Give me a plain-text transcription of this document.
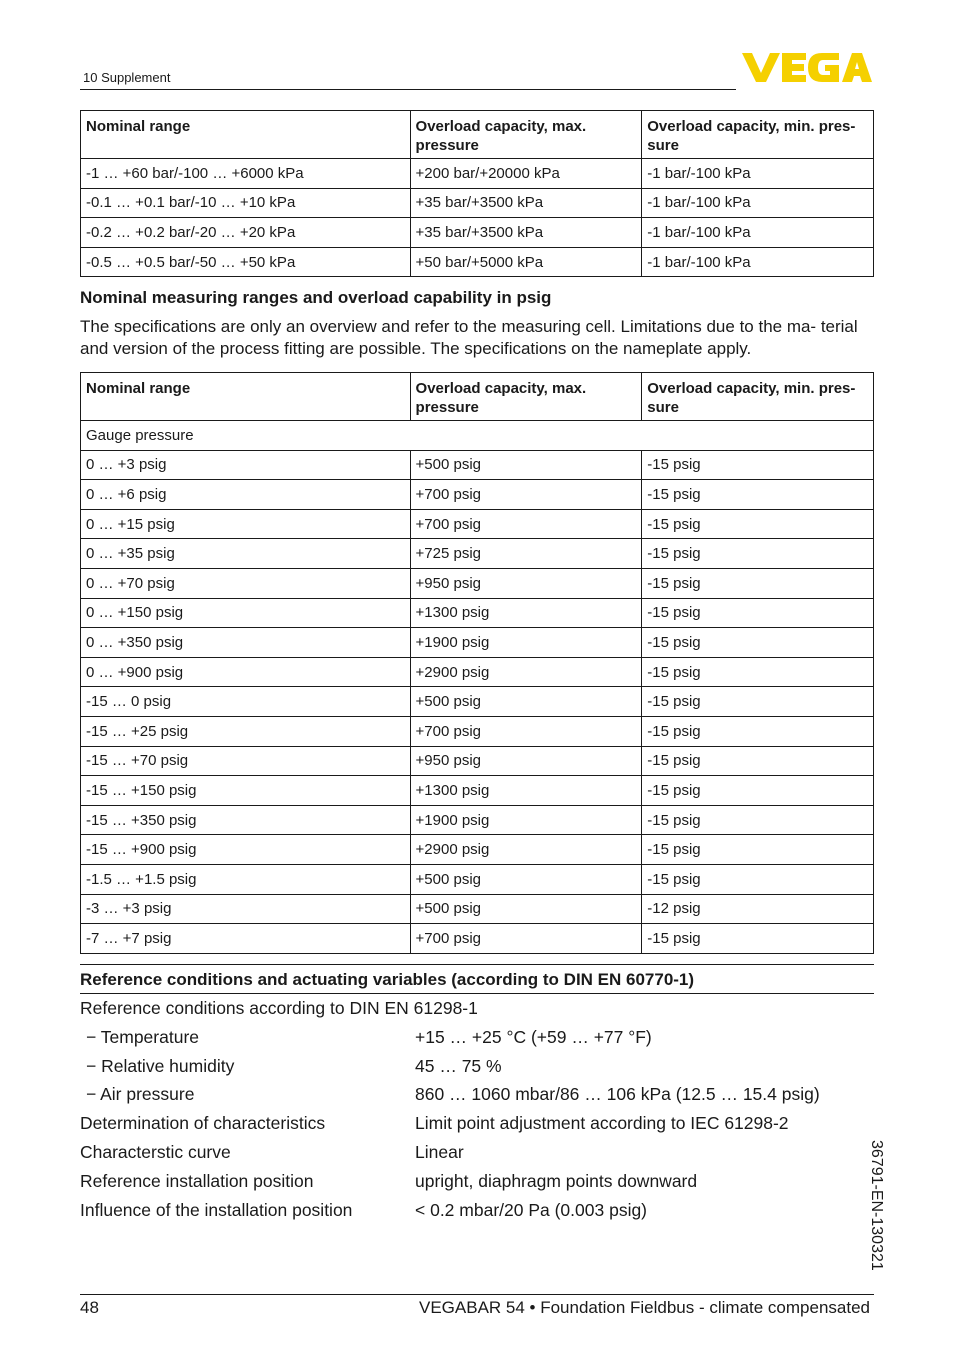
10 Supplement
Nominal range	Overload capacity, max. pressure	Overload capacity, min. pres- sure
-1 … +60 bar/-100 … +6000 kPa	+200 bar/+20000 kPa	-1 bar/-100 kPa
-0.1 … +0.1 bar/-10 … +10 kPa	+35 bar/+3500 kPa	-1 bar/-100 kPa
-0.2 … +0.2 bar/-20 … +20 kPa	+35 bar/+3500 kPa	-1 bar/-100 kPa
-0.5 … +0.5 bar/-50 … +50 kPa	+50 bar/+5000 kPa	-1 bar/-100 kPa
Nominal measuring ranges and overload capability in psig
The specifications are only an overview and refer to the measuring cell. Limitations due to the ma- terial and version of the process fitting are possible. The specifications on the nameplate apply.
Nominal range	Overload capacity, max. pressure	Overload capacity, min. pres- sure
Gauge pressure		
0 … +3 psig	+500 psig	-15 psig
0 … +6 psig	+700 psig	-15 psig
0 … +15 psig	+700 psig	-15 psig
0 … +35 psig	+725 psig	-15 psig
0 … +70 psig	+950 psig	-15 psig
0 … +150 psig	+1300 psig	-15 psig
0 … +350 psig	+1900 psig	-15 psig
0 … +900 psig	+2900 psig	-15 psig
-15 … 0 psig	+500 psig	-15 psig
-15 … +25 psig	+700 psig	-15 psig
-15 … +70 psig	+950 psig	-15 psig
-15 … +150 psig	+1300 psig	-15 psig
-15 … +350 psig	+1900 psig	-15 psig
-15 … +900 psig	+2900 psig	-15 psig
-1.5 … +1.5 psig	+500 psig	-15 psig
-3 … +3 psig	+500 psig	-12 psig
-7 … +7 psig	+700 psig	-15 psig
Reference conditions and actuating variables (according to DIN EN 60770-1)
Reference conditions according to DIN EN 61298-1
− Temperature	+15 … +25 °C (+59 … +77 °F)
− Relative humidity	45 … 75 %
− Air pressure	860 … 1060 mbar/86 … 106 kPa (12.5 … 15.4 psig)
Determination of characteristics	Limit point adjustment according to IEC 61298-2
Characterstic curve	Linear
Reference installation position	upright, diaphragm points downward
Influence of the installation position	< 0.2 mbar/20 Pa (0.003 psig)	36791-EN-130321
48	VEGABAR 54 • Foundation Fieldbus - climate compensated
